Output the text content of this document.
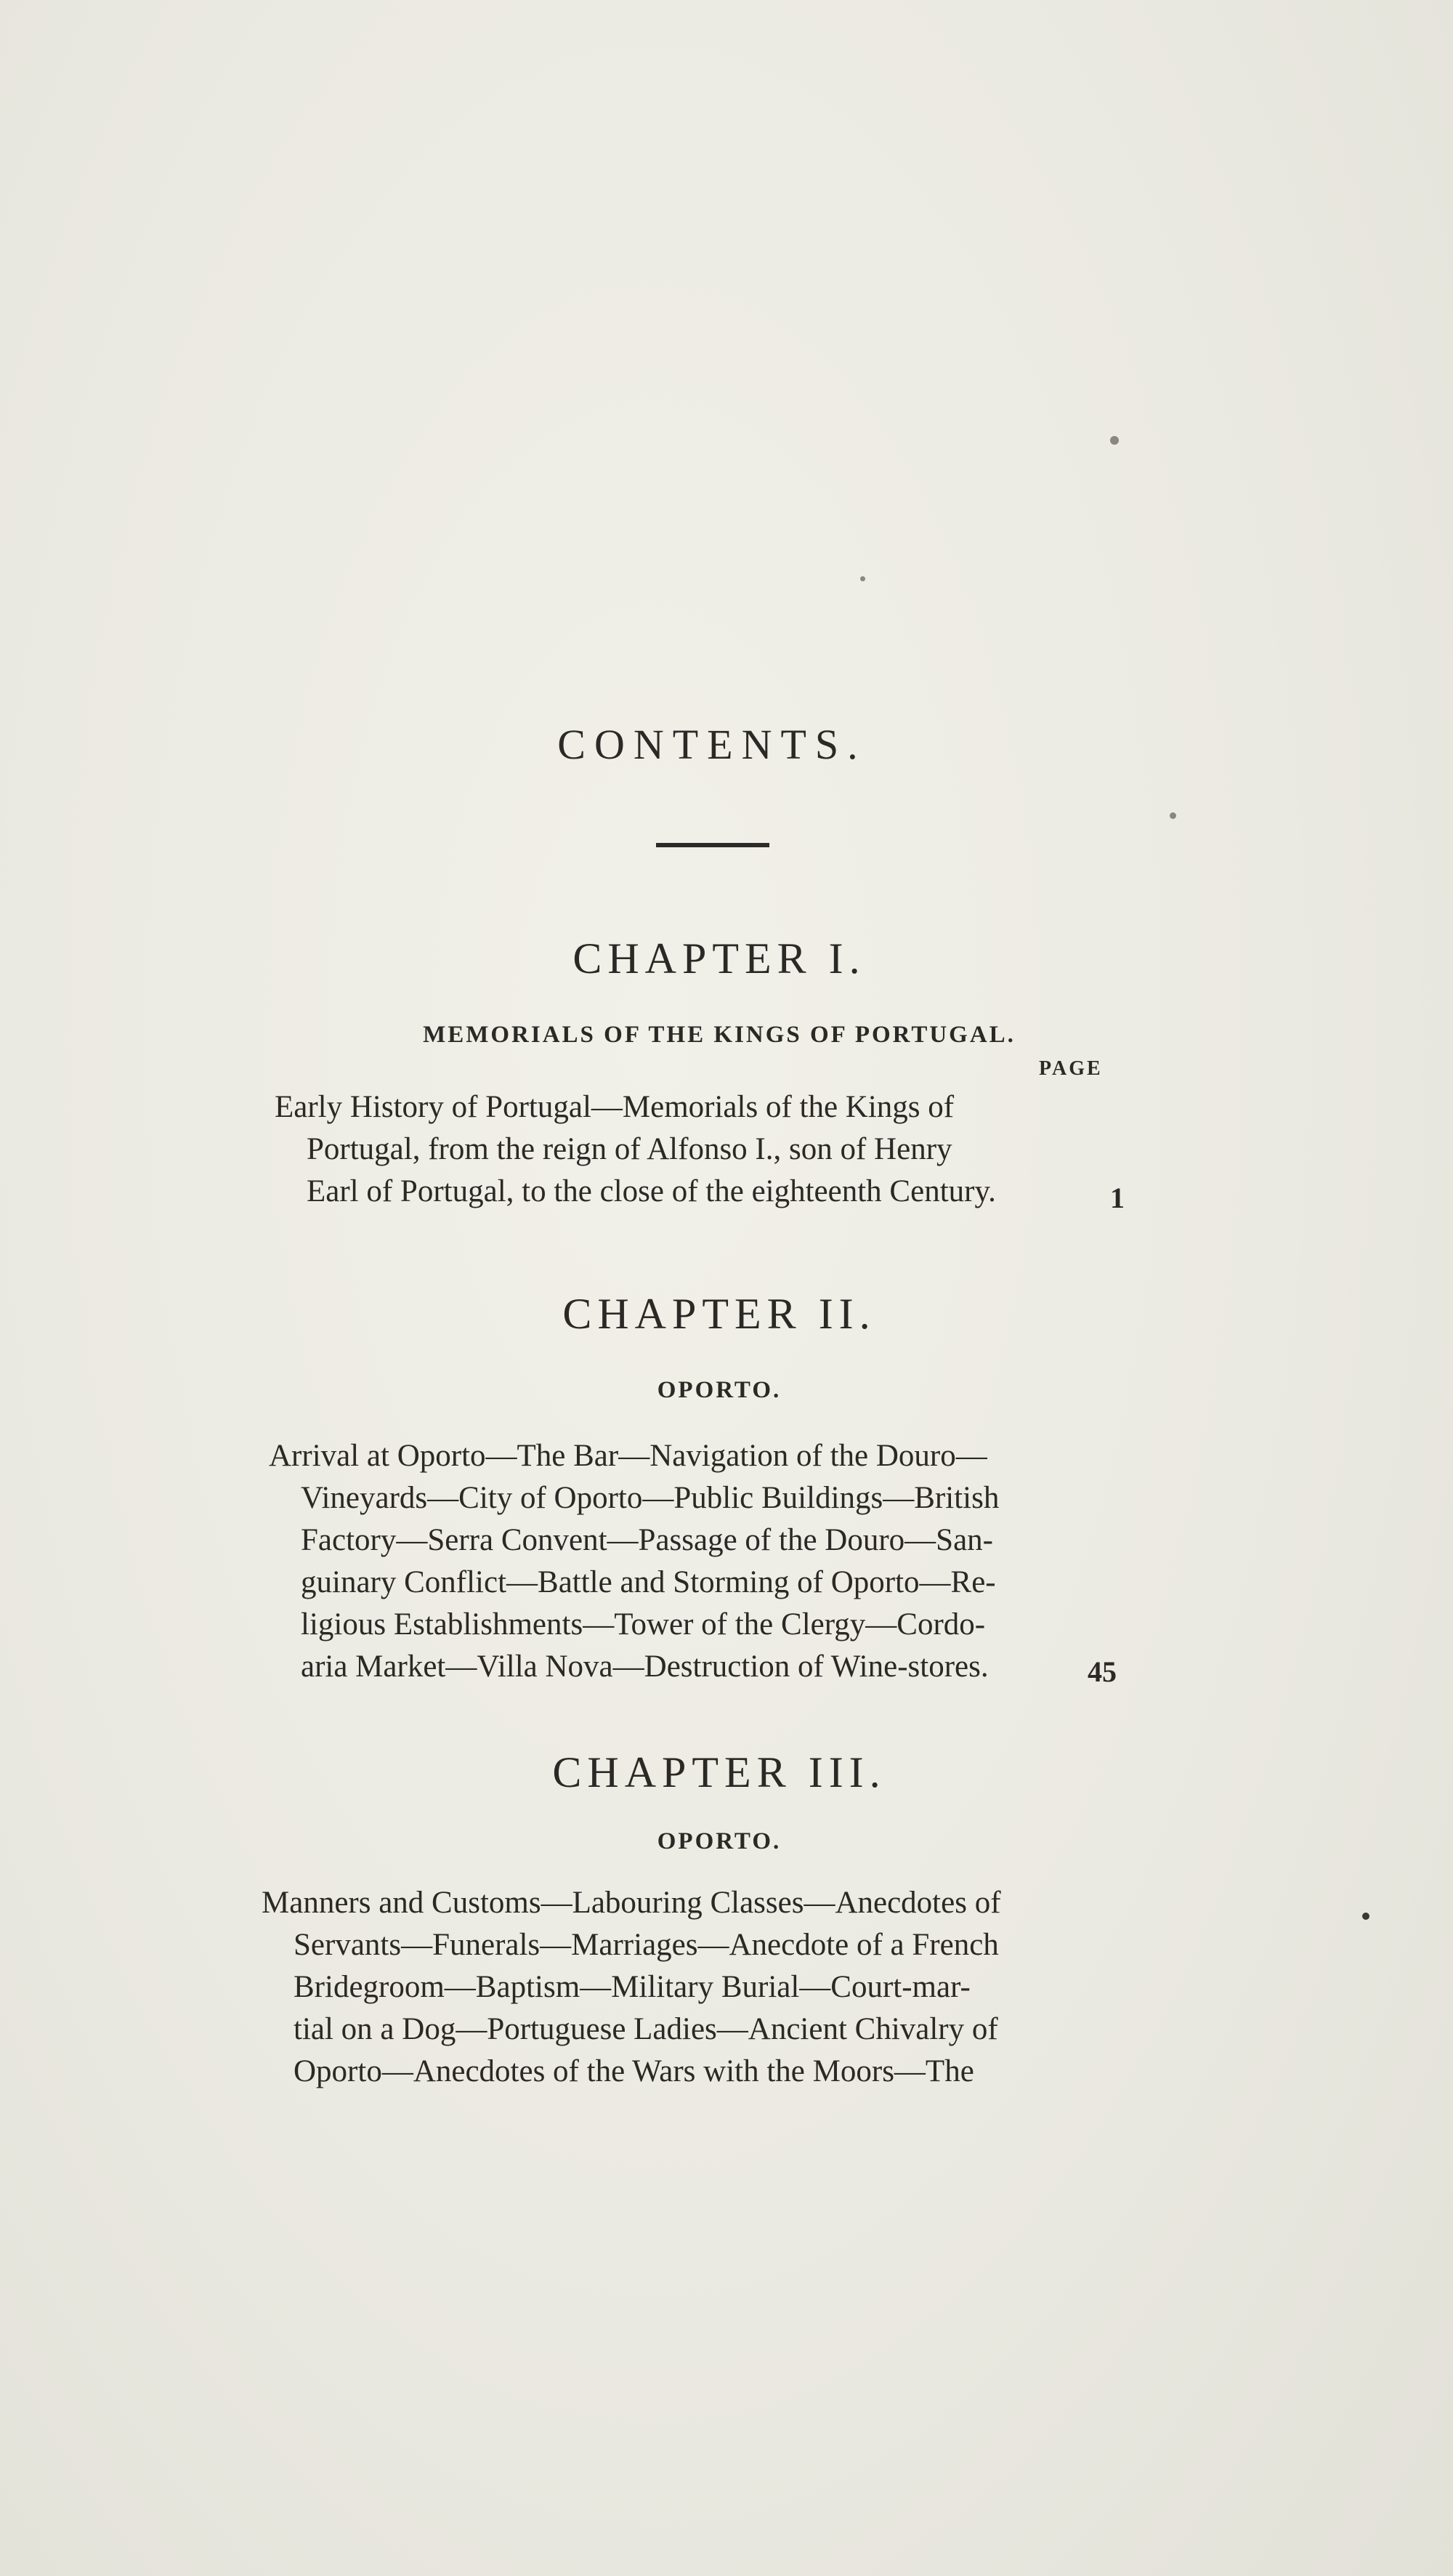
CONTENTS.
CHAPTER I.
MEMORIALS OF THE KINGS OF PORTUGAL.
PAGE
Early History of Portugal—Memorials of the Kings of
Portugal, from the reign of Alfonso I., son of Henry
Earl of Portugal, to the close of the eighteenth Century.	1
CHAPTER II.
OPORTO.
Arrival at Oporto—The Bar—Navigation of the Douro—
Vineyards—City of Oporto—Public Buildings—British
Factory—Serra Convent—Passage of the Douro—San-
guinary Conflict—Battle and Storming of Oporto—Re-
ligious Establishments—Tower of the Clergy—Cordo-
aria Market—Villa Nova—Destruction of Wine-stores.	45
CHAPTER III.
OPORTO.
Manners and Customs—Labouring Classes—Anecdotes of
Servants—Funerals—Marriages—Anecdote of a French
Bridegroom—Baptism—Military Burial—Court-mar-
tial on a Dog—Portuguese Ladies—Ancient Chivalry of
Oporto—Anecdotes of the Wars with the Moors—The
